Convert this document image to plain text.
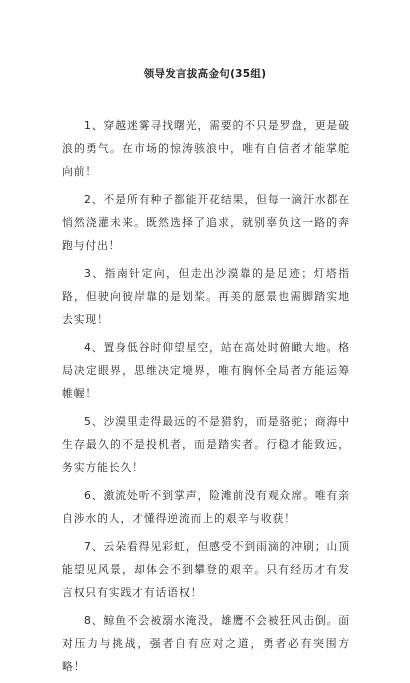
领导发言拔高金句(35组)

1、穿越迷雾寻找曙光，需要的不只是罗盘，更是破浪的勇气。在市场的惊涛骇浪中，唯有自信者才能掌舵向前！

2、不是所有种子都能开花结果，但每一滴汗水都在悄然浇灌未来。既然选择了追求，就别辜负这一路的奔跑与付出！

3、指南针定向，但走出沙漠靠的是足迹；灯塔指路，但驶向彼岸靠的是划桨。再美的愿景也需脚踏实地去实现！

4、置身低谷时仰望星空，站在高处时俯瞰大地。格局决定眼界，思维决定境界，唯有胸怀全局者方能运筹帷幄！

5、沙漠里走得最远的不是猎豹，而是骆驼；商海中生存最久的不是投机者，而是踏实者。行稳才能致远，务实方能长久！

6、激流处听不到掌声，险滩前没有观众席。唯有亲自涉水的人，才懂得逆流而上的艰辛与收获！

7、云朵看得见彩虹，但感受不到雨滴的冲刷；山顶能望见风景，却体会不到攀登的艰辛。只有经历才有发言权只有实践才有话语权！

8、鲸鱼不会被溺水淹没，雄鹰不会被狂风击倒。面对压力与挑战，强者自有应对之道，勇者必有突围方略！
